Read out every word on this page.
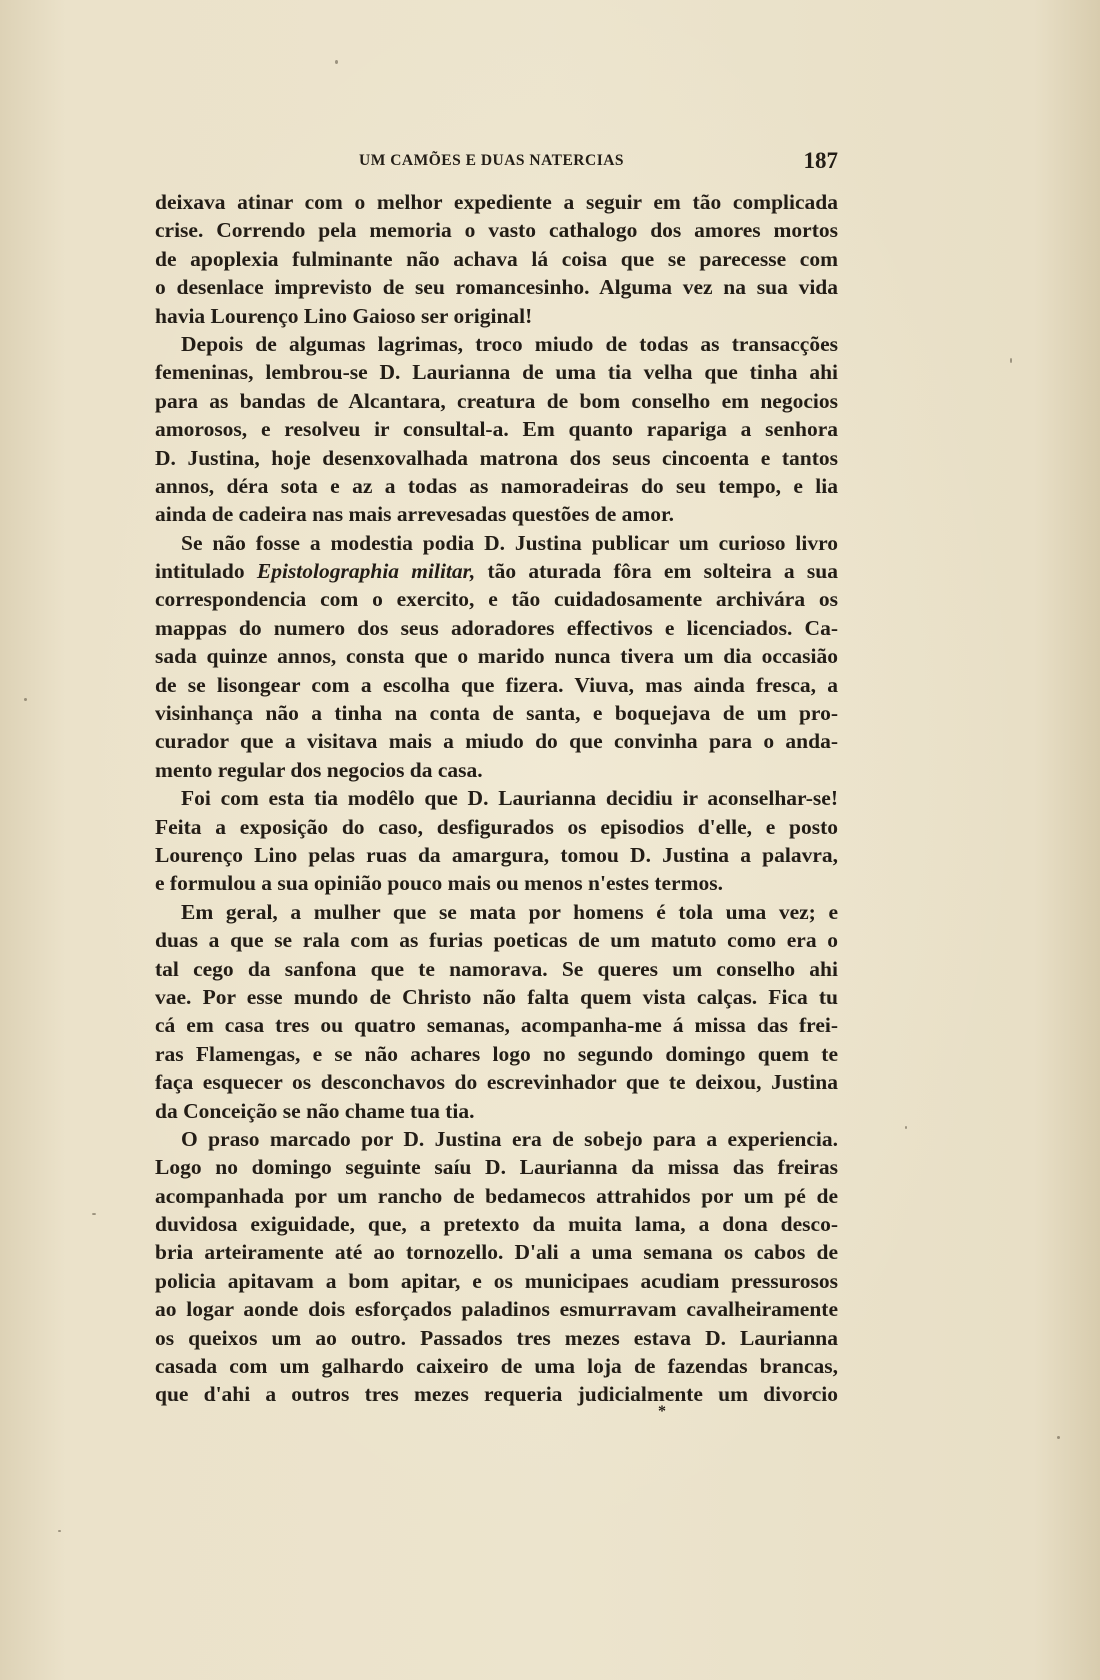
UM CAMÕES E DUAS NATERCIAS	187
deixava atinar com o melhor expediente a seguir em tão complicada
crise. Correndo pela memoria o vasto cathalogo dos amores mortos
de apoplexia fulminante não achava lá coisa que se parecesse com
o desenlace imprevisto de seu romancesinho. Alguma vez na sua vida
havia Lourenço Lino Gaioso ser original!
Depois de algumas lagrimas, troco miudo de todas as transacções
femeninas, lembrou-se D. Laurianna de uma tia velha que tinha ahi
para as bandas de Alcantara, creatura de bom conselho em negocios
amorosos, e resolveu ir consultal-a. Em quanto rapariga a senhora
D. Justina, hoje desenxovalhada matrona dos seus cincoenta e tantos
annos, déra sota e az a todas as namoradeiras do seu tempo, e lia
ainda de cadeira nas mais arrevesadas questões de amor.
Se não fosse a modestia podia D. Justina publicar um curioso livro
intitulado Epistolographia militar, tão aturada fôra em solteira a sua
correspondencia com o exercito, e tão cuidadosamente archivára os
mappas do numero dos seus adoradores effectivos e licenciados. Ca-
sada quinze annos, consta que o marido nunca tivera um dia occasião
de se lisongear com a escolha que fizera. Viuva, mas ainda fresca, a
visinhança não a tinha na conta de santa, e boquejava de um pro-
curador que a visitava mais a miudo do que convinha para o anda-
mento regular dos negocios da casa.
Foi com esta tia modêlo que D. Laurianna decidiu ir aconselhar-se!
Feita a exposição do caso, desfigurados os episodios d'elle, e posto
Lourenço Lino pelas ruas da amargura, tomou D. Justina a palavra,
e formulou a sua opinião pouco mais ou menos n'estes termos.
Em geral, a mulher que se mata por homens é tola uma vez; e
duas a que se rala com as furias poeticas de um matuto como era o
tal cego da sanfona que te namorava. Se queres um conselho ahi
vae. Por esse mundo de Christo não falta quem vista calças. Fica tu
cá em casa tres ou quatro semanas, acompanha-me á missa das frei-
ras Flamengas, e se não achares logo no segundo domingo quem te
faça esquecer os desconchavos do escrevinhador que te deixou, Justina
da Conceição se não chame tua tia.
O praso marcado por D. Justina era de sobejo para a experiencia.
Logo no domingo seguinte saíu D. Laurianna da missa das freiras
acompanhada por um rancho de bedamecos attrahidos por um pé de
duvidosa exiguidade, que, a pretexto da muita lama, a dona desco-
bria arteiramente até ao tornozello. D'ali a uma semana os cabos de
policia apitavam a bom apitar, e os municipaes acudiam pressurosos
ao logar aonde dois esforçados paladinos esmurravam cavalheiramente
os queixos um ao outro. Passados tres mezes estava D. Laurianna
casada com um galhardo caixeiro de uma loja de fazendas brancas,
que d'ahi a outros tres mezes requeria judicialmente um divorcio
*
